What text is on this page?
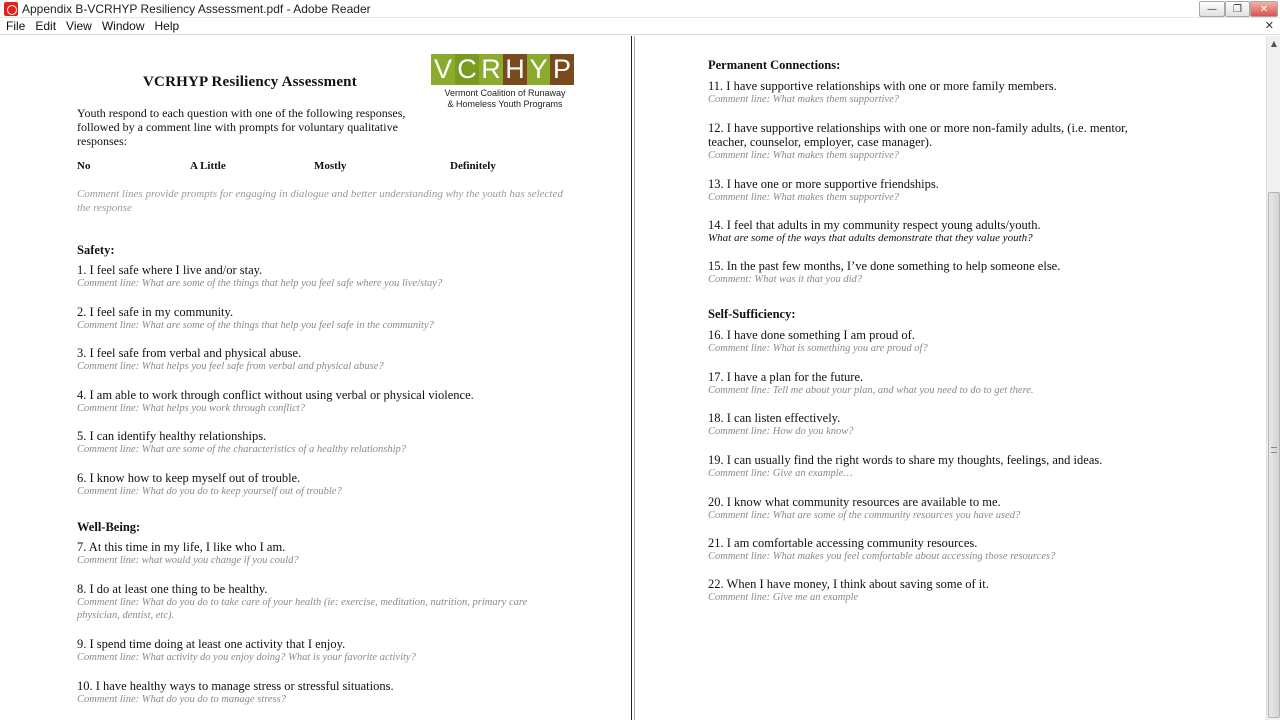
Appendix B-VCRHYP Resiliency Assessment.pdf - Adobe Reader	—	❐	✕
File Edit View Window Help	✕
VCRHYP Resiliency Assessment	V C R H Y P
Vermont Coalition of Runaway
& Homeless Youth Programs
Youth respond to each question with one of the following responses, followed by a comment line with prompts for voluntary qualitative responses:
No	A Little	Mostly	Definitely
Comment lines provide prompts for engaging in dialogue and better understanding why the youth has selected the response
Safety:
1. I feel safe where I live and/or stay.
Comment line: What are some of the things that help you feel safe where you live/stay?
2. I feel safe in my community.
Comment line: What are some of the things that help you feel safe in the community?
3. I feel safe from verbal and physical abuse.
Comment line: What helps you feel safe from verbal and physical abuse?
4. I am able to work through conflict without using verbal or physical violence.
Comment line: What helps you work through conflict?
5. I can identify healthy relationships.
Comment line: What are some of the characteristics of a healthy relationship?
6. I know how to keep myself out of trouble.
Comment line: What do you do to keep yourself out of trouble?
Well-Being:
7. At this time in my life, I like who I am.
Comment line: what would you change if you could?
8. I do at least one thing to be healthy.
Comment line: What do you do to take care of your health (ie: exercise, meditation, nutrition, primary care physician, dentist, etc).
9. I spend time doing at least one activity that I enjoy.
Comment line: What activity do you enjoy doing? What is your favorite activity?
10. I have healthy ways to manage stress or stressful situations.
Comment line: What do you do to manage stress?
Permanent Connections:
11. I have supportive relationships with one or more family members.
Comment line: What makes them supportive?
12. I have supportive relationships with one or more non-family adults, (i.e. mentor, teacher, counselor, employer, case manager).
Comment line: What makes them supportive?
13. I have one or more supportive friendships.
Comment line: What makes them supportive?
14. I feel that adults in my community respect young adults/youth.
What are some of the ways that adults demonstrate that they value youth?
15. In the past few months, I’ve done something to help someone else.
Comment: What was it that you did?
Self-Sufficiency:
16. I have done something I am proud of.
Comment line: What is something you are proud of?
17. I have a plan for the future.
Comment line: Tell me about your plan, and what you need to do to get there.
18. I can listen effectively.
Comment line: How do you know?
19. I can usually find the right words to share my thoughts, feelings, and ideas.
Comment line: Give an example…
20. I know what community resources are available to me.
Comment line: What are some of the community resources you have used?
21. I am comfortable accessing community resources.
Comment line: What makes you feel comfortable about accessing those resources?
22. When I have money, I think about saving some of it.
Comment line: Give me an example
▲
